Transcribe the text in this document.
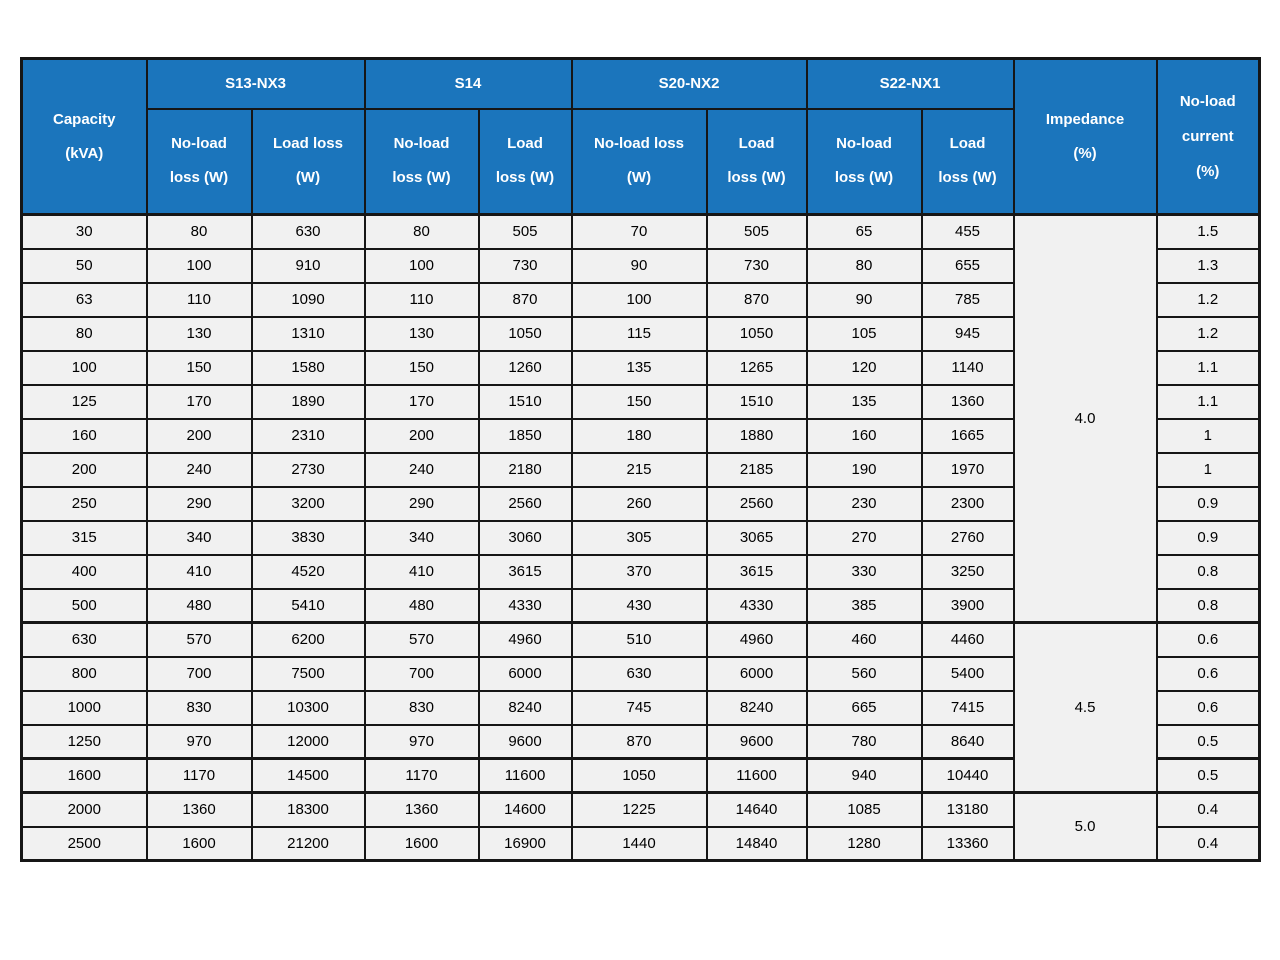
Capacity (kVA)	S13-NX3		S14		S20-NX2		S22-NX1		Impedance (%)	No-load current (%)
	No-load loss (W)	Load loss (W)	No-load loss (W)	Load loss (W)	No-load loss (W)	Load loss (W)	No-load loss (W)	Load loss (W)		
30	80	630	80	505	70	505	65	455	4.0	1.5
50	100	910	100	730	90	730	80	655		1.3
63	110	1090	110	870	100	870	90	785		1.2
80	130	1310	130	1050	115	1050	105	945		1.2
100	150	1580	150	1260	135	1265	120	1140		1.1
125	170	1890	170	1510	150	1510	135	1360		1.1
160	200	2310	200	1850	180	1880	160	1665		1
200	240	2730	240	2180	215	2185	190	1970		1
250	290	3200	290	2560	260	2560	230	2300		0.9
315	340	3830	340	3060	305	3065	270	2760		0.9
400	410	4520	410	3615	370	3615	330	3250		0.8
500	480	5410	480	4330	430	4330	385	3900		0.8
630	570	6200	570	4960	510	4960	460	4460	4.5	0.6
800	700	7500	700	6000	630	6000	560	5400		0.6
1000	830	10300	830	8240	745	8240	665	7415		0.6
1250	970	12000	970	9600	870	9600	780	8640		0.5
1600	1170	14500	1170	11600	1050	11600	940	10440		0.5
2000	1360	18300	1360	14600	1225	14640	1085	13180	5.0	0.4
2500	1600	21200	1600	16900	1440	14840	1280	13360		0.4
